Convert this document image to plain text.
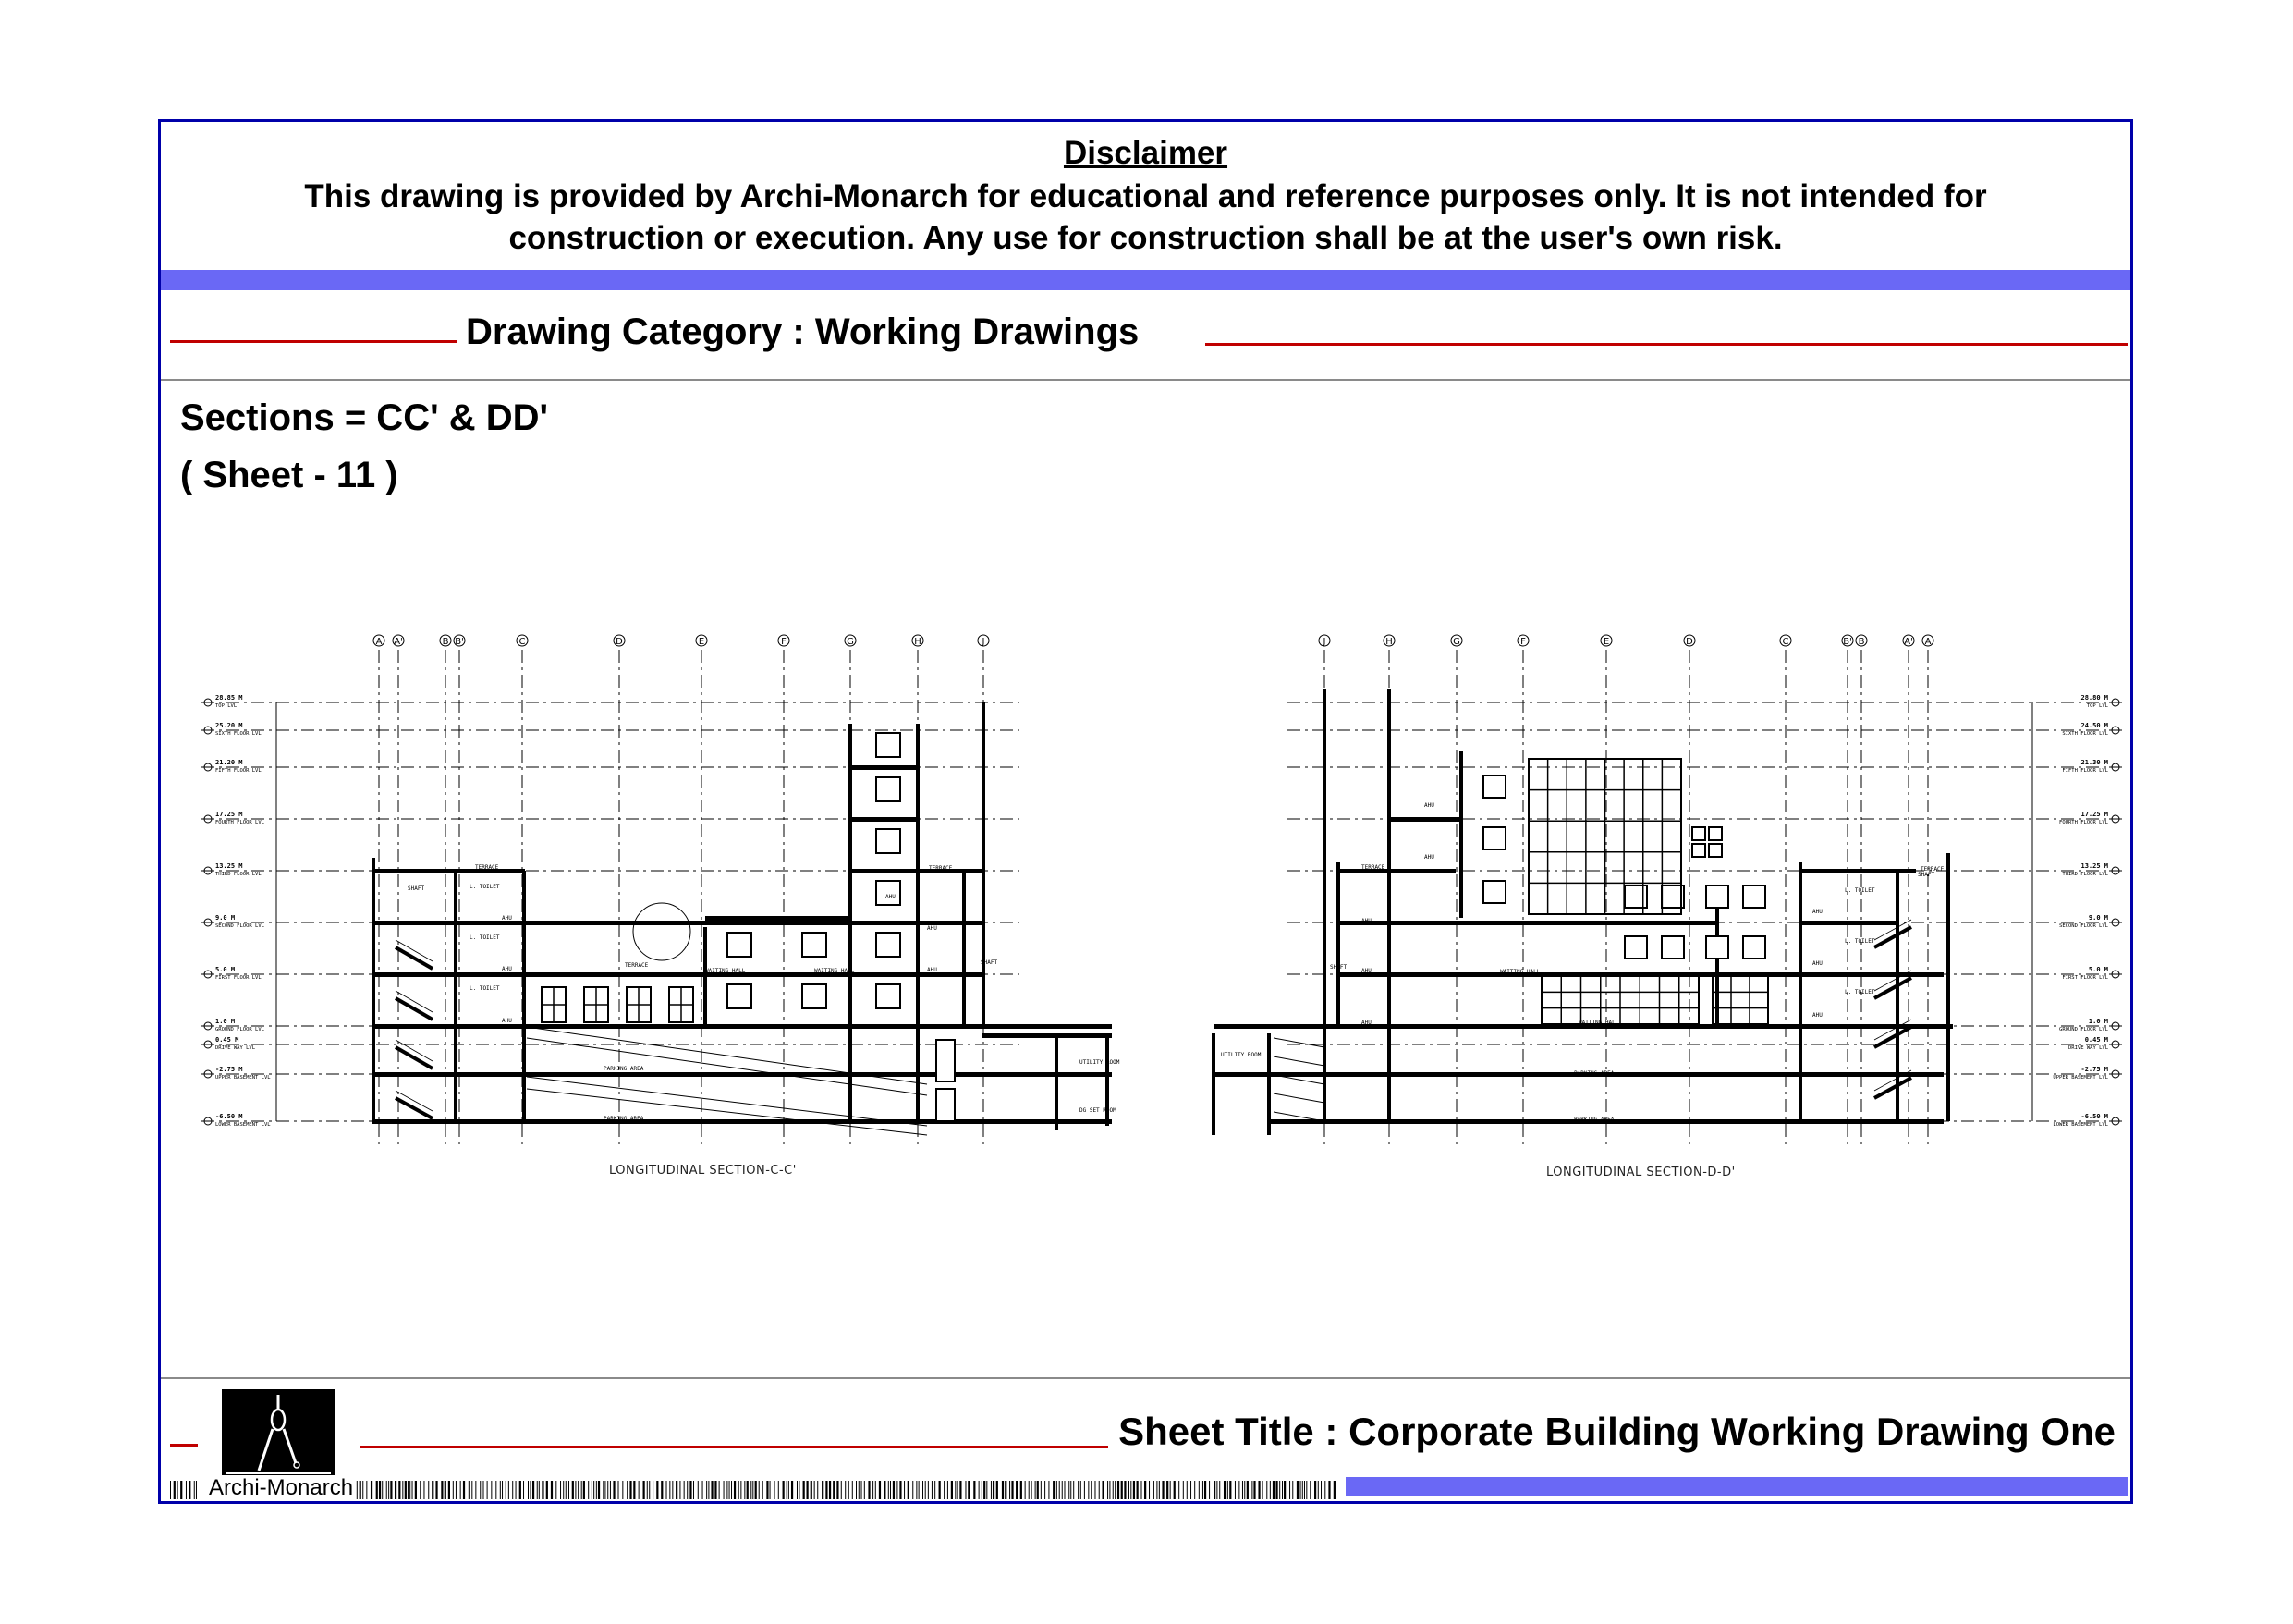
Disclaimer
This drawing is provided by Archi-Monarch for educational and reference purposes only. It is not intended for construction or execution. Any use for construction shall be at the user's own risk.
Drawing Category : Working Drawings
Sections = CC' & DD'
( Sheet - 11 )
A A'	B B'	C	D	E	F	G	H	J
28.85 M
TOP LVL
25.20 M
SIXTH FLOOR LVL
21.20 M
FIFTH FLOOR LVL
17.25 M
FOURTH FLOOR LVL
13.25 M
THIRD FLOOR LVL
9.0 M
SECOND FLOOR LVL
5.0 M
FIRST FLOOR LVL
1.0 M
GROUND FLOOR LVL
0.45 M
DRIVE WAY LVL
-2.75 M
UPPER BASEMENT LVL
-6.50 M
LOWER BASEMENT LVL
TERRACE
L. TOILET
L. TOILET
L. TOILET
AHU
AHU
AHU
SHAFT
WAITING HALL	WAITING HALL
TERRACE
PARKING AREA
PARKING AREA
UTILITY ROOM
DG SET ROOM
AHU
AHU
AHU
TERRACE
SHAFT
J	H	G	F	E	D	C	B' B	A' A
28.80 M
TOP LVL
24.50 M
SIXTH FLOOR LVL
21.30 M
FIFTH FLOOR LVL
17.25 M
FOURTH FLOOR LVL
13.25 M
THIRD FLOOR LVL
9.0 M
SECOND FLOOR LVL
5.0 M
FIRST FLOOR LVL
1.0 M
GROUND FLOOR LVL
0.45 M
DRIVE WAY LVL
-2.75 M
UPPER BASEMENT LVL
-6.50 M
LOWER BASEMENT LVL
TERRACE
AHU
AHU
AHU
AHU
AHU
SHAFT
WAITING HALL
WAITING HALL
TERRACE
UTILITY ROOM
L. TOILET
L. TOILET
L. TOILET
AHU
AHU
AHU
SHAFT
PARKING AREA
PARKING AREA
LONGITUDINAL SECTION-C-C'	LONGITUDINAL SECTION-D-D'
Sheet Title : Corporate Building Working Drawing One
Archi-Monarch
